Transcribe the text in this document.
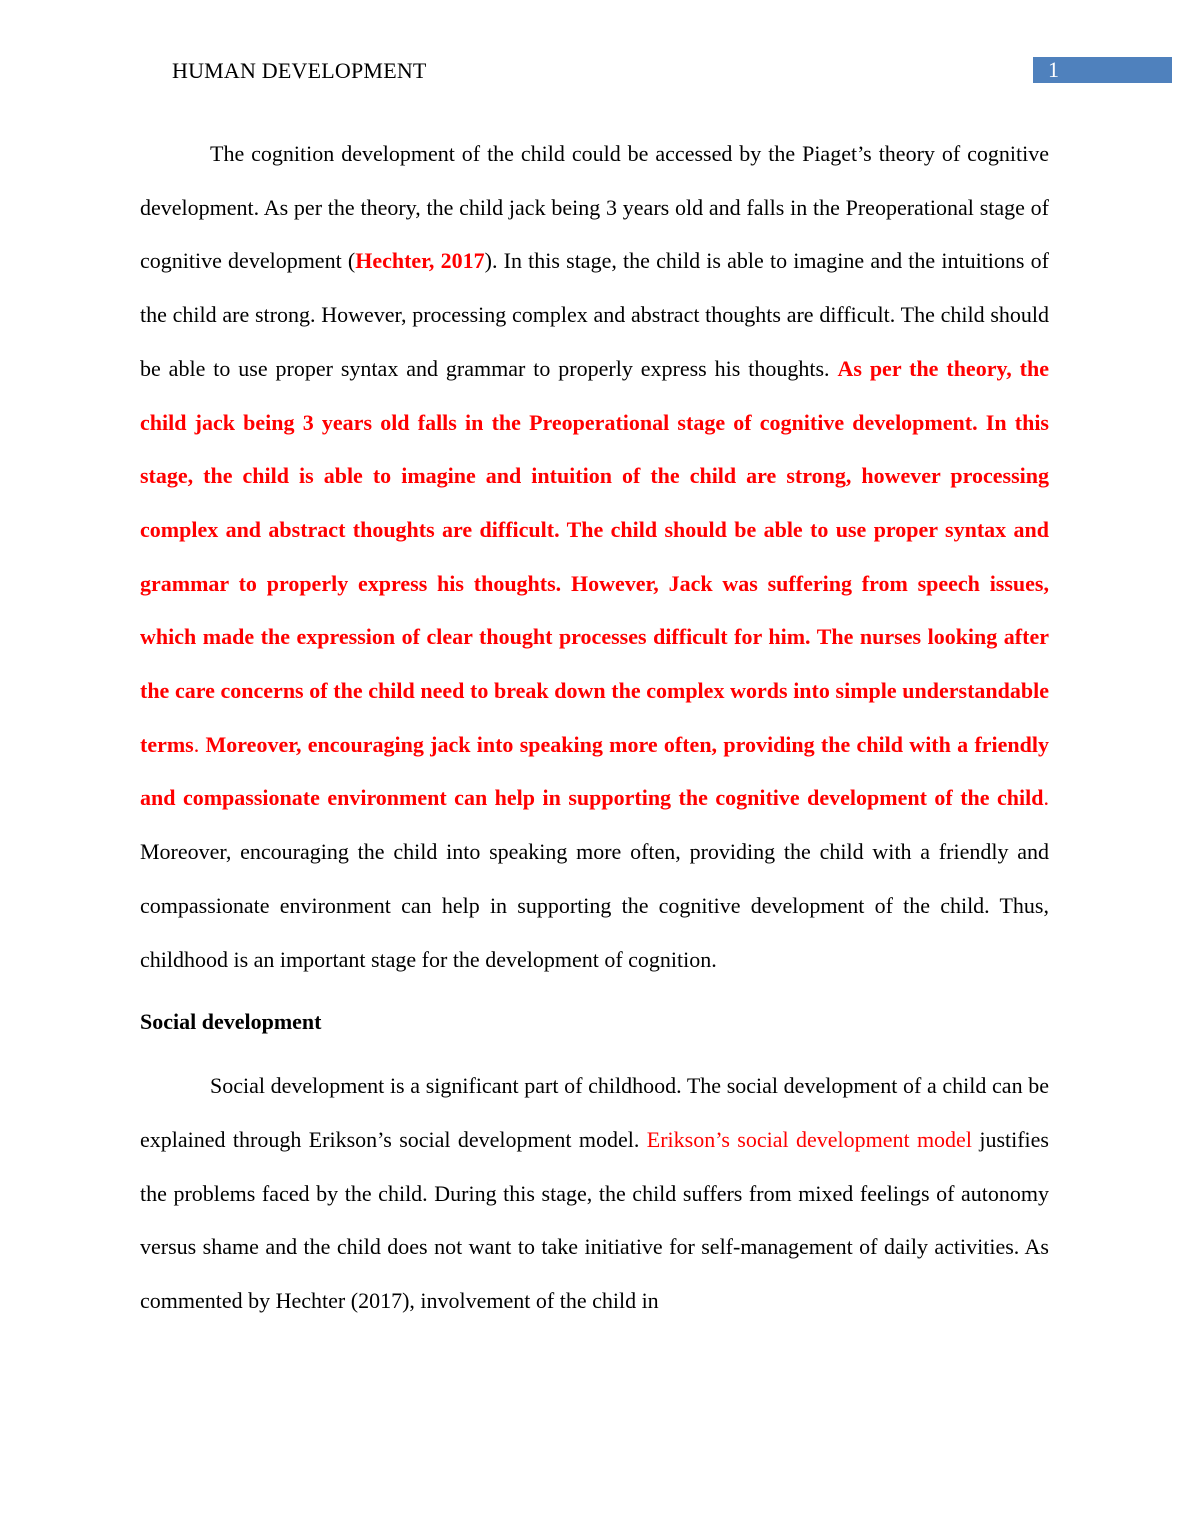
HUMAN DEVELOPMENT	1

The cognition development of the child could be accessed by the Piaget’s theory of cognitive development. As per the theory, the child jack being 3 years old and falls in the Preoperational stage of cognitive development (Hechter, 2017). In this stage, the child is able to imagine and the intuitions of the child are strong. However, processing complex and abstract thoughts are difficult. The child should be able to use proper syntax and grammar to properly express his thoughts. As per the theory, the child jack being 3 years old falls in the Preoperational stage of cognitive development. In this stage, the child is able to imagine and intuition of the child are strong, however processing complex and abstract thoughts are difficult. The child should be able to use proper syntax and grammar to properly express his thoughts. However, Jack was suffering from speech issues, which made the expression of clear thought processes difficult for him. The nurses looking after the care concerns of the child need to break down the complex words into simple understandable terms. Moreover, encouraging jack into speaking more often, providing the child with a friendly and compassionate environment can help in supporting the cognitive development of the child. Moreover, encouraging the child into speaking more often, providing the child with a friendly and compassionate environment can help in supporting the cognitive development of the child. Thus, childhood is an important stage for the development of cognition.

Social development

Social development is a significant part of childhood. The social development of a child can be explained through Erikson’s social development model. Erikson’s social development model justifies the problems faced by the child. During this stage, the child suffers from mixed feelings of autonomy versus shame and the child does not want to take initiative for self-management of daily activities. As commented by Hechter (2017), involvement of the child in
